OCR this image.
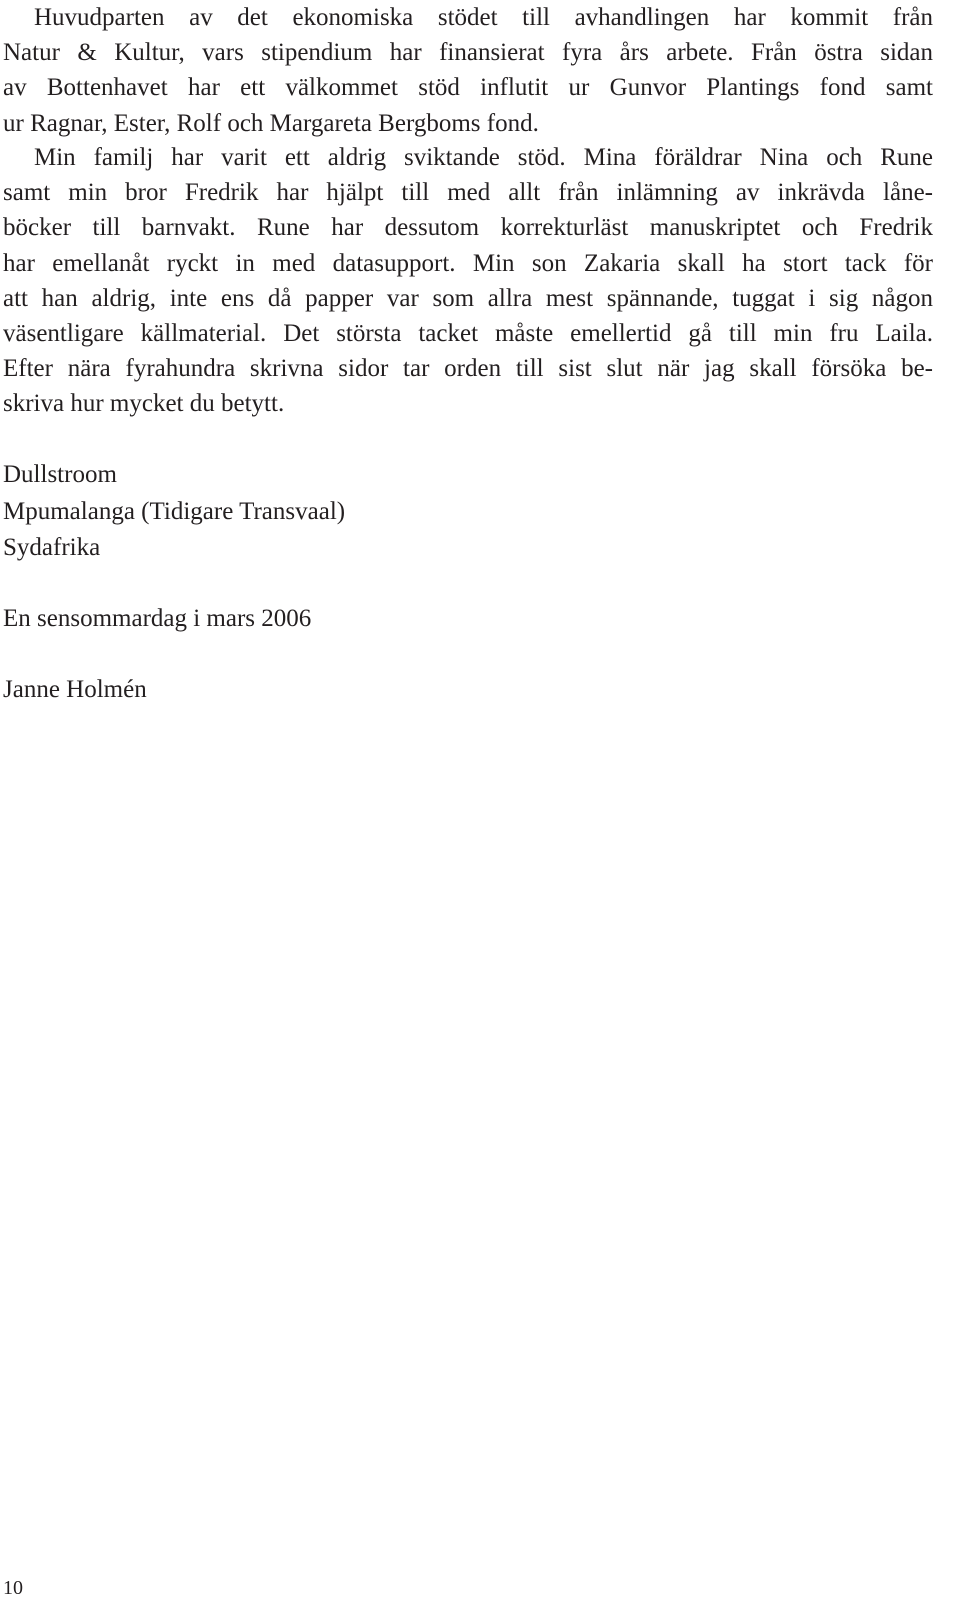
Huvudparten av det ekonomiska stödet till avhandlingen har kommit från
Natur & Kultur, vars stipendium har finansierat fyra års arbete. Från östra sidan
av Bottenhavet har ett välkommet stöd influtit ur Gunvor Plantings fond samt
ur Ragnar, Ester, Rolf och Margareta Bergboms fond.
Min familj har varit ett aldrig sviktande stöd. Mina föräldrar Nina och Rune
samt min bror Fredrik har hjälpt till med allt från inlämning av inkrävda låne-
böcker till barnvakt. Rune har dessutom korrekturläst manuskriptet och Fredrik
har emellanåt ryckt in med datasupport. Min son Zakaria skall ha stort tack för
att han aldrig, inte ens då papper var som allra mest spännande, tuggat i sig någon
väsentligare källmaterial. Det största tacket måste emellertid gå till min fru Laila.
Efter nära fyrahundra skrivna sidor tar orden till sist slut när jag skall försöka be-
skriva hur mycket du betytt.
Dullstroom
Mpumalanga (Tidigare Transvaal)
Sydafrika
En sensommardag i mars 2006
Janne Holmén
10
